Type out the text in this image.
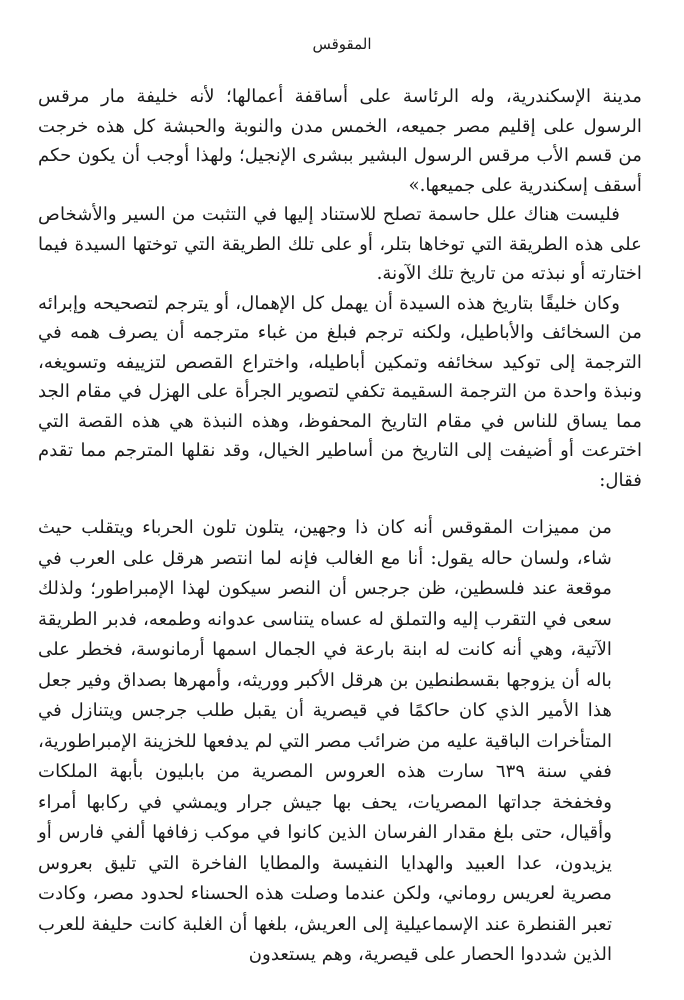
المقوقس

مدينة الإسكندرية، وله الرئاسة على أساقفة أعمالها؛ لأنه خليفة مار مرقس الرسول على إقليم مصر جميعه، الخمس مدن والنوبة والحبشة كل هذه خرجت من قسم الأب مرقس الرسول البشير ببشرى الإنجيل؛ ولهذا أوجب أن يكون حكم أسقف إسكندرية على جميعها.»

فليست هناك علل حاسمة تصلح للاستناد إليها في التثبت من السير والأشخاص على هذه الطريقة التي توخاها بتلر، أو على تلك الطريقة التي توختها السيدة فيما اختارته أو نبذته من تاريخ تلك الآونة.

وكان خليقًا بتاريخ هذه السيدة أن يهمل كل الإهمال، أو يترجم لتصحيحه وإبرائه من السخائف والأباطيل، ولكنه ترجم فبلغ من غباء مترجمه أن يصرف همه في الترجمة إلى توكيد سخائفه وتمكين أباطيله، واختراع القصص لتزييفه وتسويغه، ونبذة واحدة من الترجمة السقيمة تكفي لتصوير الجرأة على الهزل في مقام الجد مما يساق للناس في مقام التاريخ المحفوظ، وهذه النبذة هي هذه القصة التي اخترعت أو أضيفت إلى التاريخ من أساطير الخيال، وقد نقلها المترجم مما تقدم فقال:

من مميزات المقوقس أنه كان ذا وجهين، يتلون تلون الحرباء ويتقلب حيث شاء، ولسان حاله يقول: أنا مع الغالب فإنه لما انتصر هرقل على العرب في موقعة عند فلسطين، ظن جرجس أن النصر سيكون لهذا الإمبراطور؛ ولذلك سعى في التقرب إليه والتملق له عساه يتناسى عدوانه وطمعه، فدبر الطريقة الآتية، وهي أنه كانت له ابنة بارعة في الجمال اسمها أرمانوسة، فخطر على باله أن يزوجها بقسطنطين بن هرقل الأكبر ووريثه، وأمهرها بصداق وفير جعل هذا الأمير الذي كان حاكمًا في قيصرية أن يقبل طلب جرجس ويتنازل في المتأخرات الباقية عليه من ضرائب مصر التي لم يدفعها للخزينة الإمبراطورية، ففي سنة ٦٣٩ سارت هذه العروس المصرية من بابليون بأبهة الملكات وفخفخة جداتها المصريات، يحف بها جيش جرار ويمشي في ركابها أمراء وأقيال، حتى بلغ مقدار الفرسان الذين كانوا في موكب زفافها ألفي فارس أو يزيدون، عدا العبيد والهدايا النفيسة والمطايا الفاخرة التي تليق بعروس مصرية لعريس روماني، ولكن عندما وصلت هذه الحسناء لحدود مصر، وكادت تعبر القنطرة عند الإسماعيلية إلى العريش، بلغها أن الغلبة كانت حليفة للعرب الذين شددوا الحصار على قيصرية، وهم يستعدون
